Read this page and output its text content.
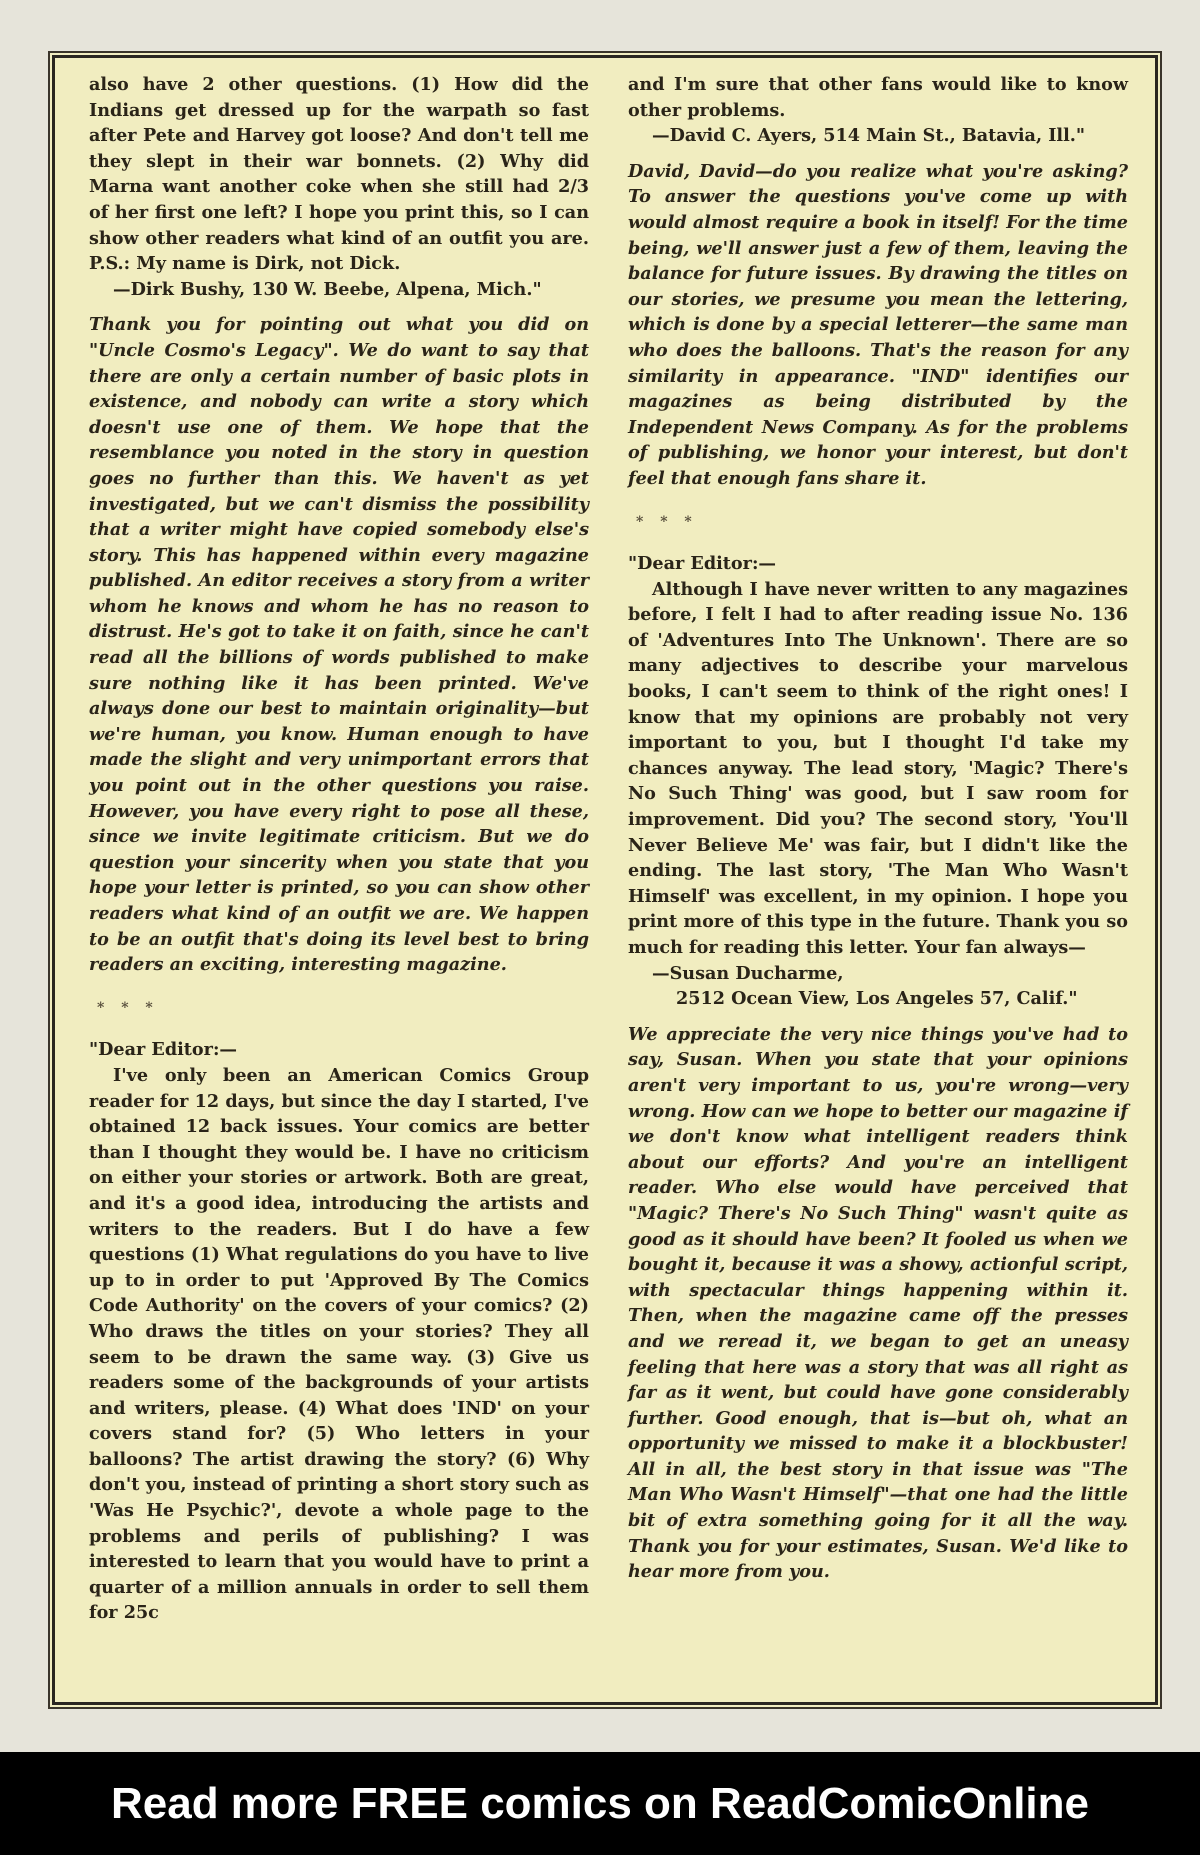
also have 2 other questions. (1) How did the Indians get dressed up for the warpath so fast after Pete and Harvey got loose? And don't tell me they slept in their war bonnets. (2) Why did Marna want another coke when she still had 2/3 of her first one left? I hope you print this, so I can show other readers what kind of an outfit you are. P.S.: My name is Dirk, not Dick.

—Dirk Bushy, 130 W. Beebe, Alpena, Mich."

Thank you for pointing out what you did on "Uncle Cosmo's Legacy". We do want to say that there are only a certain number of basic plots in existence, and nobody can write a story which doesn't use one of them. We hope that the resemblance you noted in the story in question goes no further than this. We haven't as yet investigated, but we can't dismiss the possibility that a writer might have copied somebody else's story. This has happened within every magazine published. An editor receives a story from a writer whom he knows and whom he has no reason to distrust. He's got to take it on faith, since he can't read all the billions of words published to make sure nothing like it has been printed. We've always done our best to maintain originality—but we're human, you know. Human enough to have made the slight and very unimportant errors that you point out in the other questions you raise. However, you have every right to pose all these, since we invite legitimate criticism. But we do question your sincerity when you state that you hope your letter is printed, so you can show other readers what kind of an outfit we are. We happen to be an outfit that's doing its level best to bring readers an exciting, interesting magazine.

* * *

"Dear Editor:—

I've only been an American Comics Group reader for 12 days, but since the day I started, I've obtained 12 back issues. Your comics are better than I thought they would be. I have no criticism on either your stories or artwork. Both are great, and it's a good idea, introducing the artists and writers to the readers. But I do have a few questions (1) What regulations do you have to live up to in order to put 'Approved By The Comics Code Authority' on the covers of your comics? (2) Who draws the titles on your stories? They all seem to be drawn the same way. (3) Give us readers some of the backgrounds of your artists and writers, please. (4) What does 'IND' on your covers stand for? (5) Who letters in your balloons? The artist drawing the story? (6) Why don't you, instead of printing a short story such as 'Was He Psychic?', devote a whole page to the problems and perils of publishing? I was interested to learn that you would have to print a quarter of a million annuals in order to sell them for 25c

and I'm sure that other fans would like to know other problems.

—David C. Ayers, 514 Main St., Batavia, Ill."

David, David—do you realize what you're asking? To answer the questions you've come up with would almost require a book in itself! For the time being, we'll answer just a few of them, leaving the balance for future issues. By drawing the titles on our stories, we presume you mean the lettering, which is done by a special letterer—the same man who does the balloons. That's the reason for any similarity in appearance. "IND" identifies our magazines as being distributed by the Independent News Company. As for the problems of publishing, we honor your interest, but don't feel that enough fans share it.

* * *

"Dear Editor:—

Although I have never written to any magazines before, I felt I had to after reading issue No. 136 of 'Adventures Into The Unknown'. There are so many adjectives to describe your marvelous books, I can't seem to think of the right ones! I know that my opinions are probably not very important to you, but I thought I'd take my chances anyway. The lead story, 'Magic? There's No Such Thing' was good, but I saw room for improvement. Did you? The second story, 'You'll Never Believe Me' was fair, but I didn't like the ending. The last story, 'The Man Who Wasn't Himself' was excellent, in my opinion. I hope you print more of this type in the future. Thank you so much for reading this letter. Your fan always—

—Susan Ducharme,

2512 Ocean View, Los Angeles 57, Calif."

We appreciate the very nice things you've had to say, Susan. When you state that your opinions aren't very important to us, you're wrong—very wrong. How can we hope to better our magazine if we don't know what intelligent readers think about our efforts? And you're an intelligent reader. Who else would have perceived that "Magic? There's No Such Thing" wasn't quite as good as it should have been? It fooled us when we bought it, because it was a showy, actionful script, with spectacular things happening within it. Then, when the magazine came off the presses and we reread it, we began to get an uneasy feeling that here was a story that was all right as far as it went, but could have gone considerably further. Good enough, that is—but oh, what an opportunity we missed to make it a blockbuster! All in all, the best story in that issue was "The Man Who Wasn't Himself"—that one had the little bit of extra something going for it all the way. Thank you for your estimates, Susan. We'd like to hear more from you.

Read more FREE comics on ReadComicOnline
